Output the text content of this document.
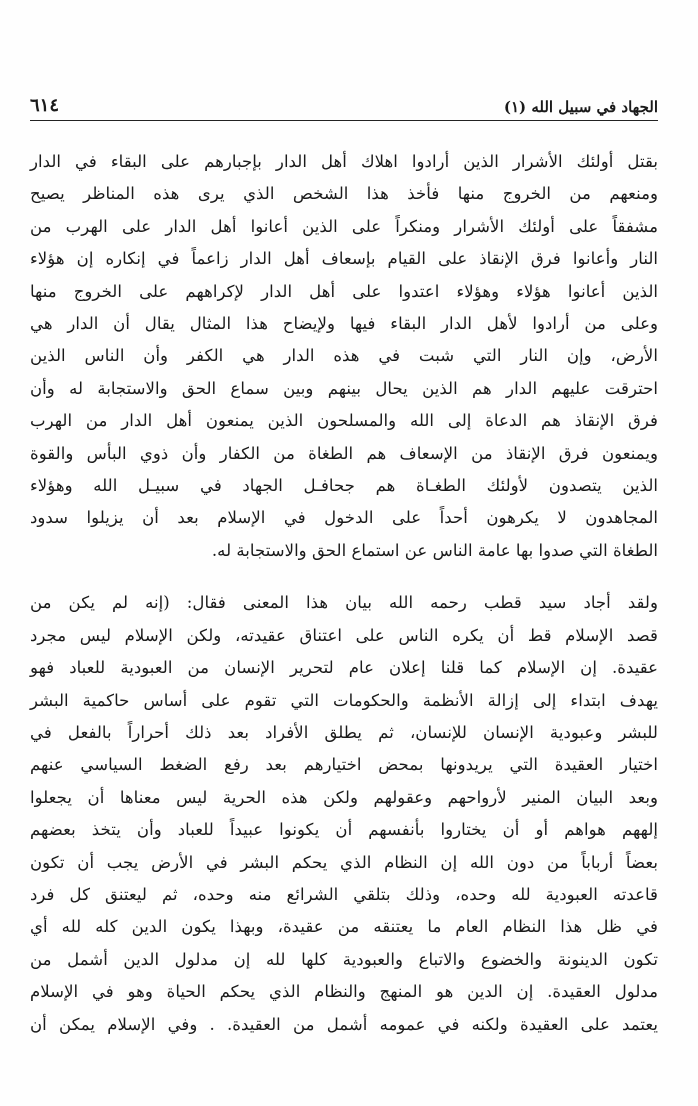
الجهاد في سبيل الله (١)
٦١٤
بقتل أولئك الأشرار الذين أرادوا اهلاك أهل الدار بإجبارهم على البقاء في الدار
ومنعهم من الخروج منها فأخذ هذا الشخص الذي يرى هذه المناظر يصيح
مشفقاً على أولئك الأشرار ومنكراً على الذين أعانوا أهل الدار على الهرب من
النار وأعانوا فرق الإنقاذ على القيام بإسعاف أهل الدار زاعماً في إنكاره إن هؤلاء
الذين أعانوا هؤلاء وهؤلاء اعتدوا على أهل الدار لإكراههم على الخروج منها
وعلى من أرادوا لأهل الدار البقاء فيها ولإيضاح هذا المثال يقال أن الدار هي
الأرض، وإن النار التي شبت في هذه الدار هي الكفر وأن الناس الذين
احترقت عليهم الدار هم الذين يحال بينهم وبين سماع الحق والاستجابة له وأن
فرق الإنقاذ هم الدعاة إلى الله والمسلحون الذين يمنعون أهل الدار من الهرب
ويمنعون فرق الإنقاذ من الإسعاف هم الطغاة من الكفار وأن ذوي البأس والقوة
الذين يتصدون لأولئك الطغـاة هم جحافـل الجهاد في سبيـل الله وهؤلاء
المجاهدون لا يكرهون أحداً على الدخول في الإسلام بعد أن يزيلوا سدود
الطغاة التي صدوا بها عامة الناس عن استماع الحق والاستجابة له.
ولقد أجاد سيد قطب رحمه الله بيان هذا المعنى فقال: (إنه لم يكن من
قصد الإسلام قط أن يكره الناس على اعتناق عقيدته، ولكن الإسلام ليس مجرد
عقيدة. إن الإسلام كما قلنا إعلان عام لتحرير الإنسان من العبودية للعباد فهو
يهدف ابتداء إلى إزالة الأنظمة والحكومات التي تقوم على أساس حاكمية البشر
للبشر وعبودية الإنسان للإنسان، ثم يطلق الأفراد بعد ذلك أحراراً بالفعل في
اختيار العقيدة التي يريدونها بمحض اختيارهم بعد رفع الضغط السياسي عنهم
وبعد البيان المنير لأرواحهم وعقولهم ولكن هذه الحرية ليس معناها أن يجعلوا
إلههم هواهم أو أن يختاروا بأنفسهم أن يكونوا عبيداً للعباد وأن يتخذ بعضهم
بعضاً أرباباً من دون الله إن النظام الذي يحكم البشر في الأرض يجب أن تكون
قاعدته العبودية لله وحده، وذلك بتلقي الشرائع منه وحده، ثم ليعتنق كل فرد
في ظل هذا النظام العام ما يعتنقه من عقيدة، وبهذا يكون الدين كله لله أي
تكون الدينونة والخضوع والاتباع والعبودية كلها لله إن مدلول الدين أشمل من
مدلول العقيدة. إن الدين هو المنهج والنظام الذي يحكم الحياة وهو في الإسلام
يعتمد على العقيدة ولكنه في عمومه أشمل من العقيدة. . وفي الإسلام يمكن أن
